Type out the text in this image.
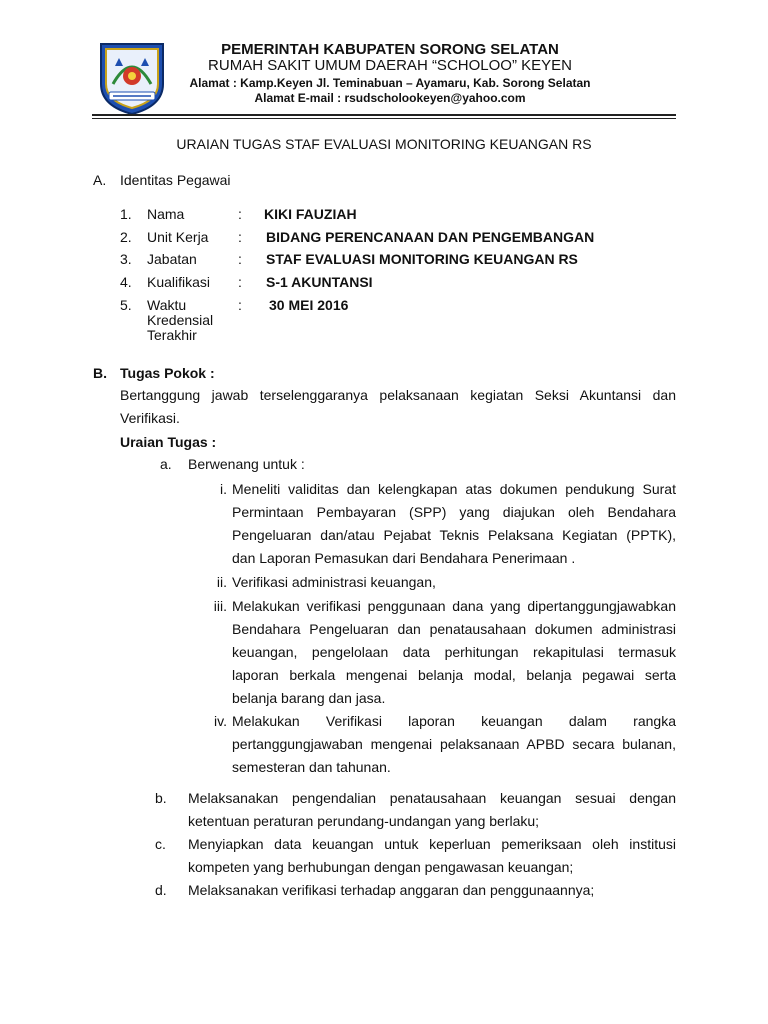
PEMERINTAH KABUPATEN SORONG SELATAN
RUMAH SAKIT UMUM DAERAH “SCHOLOO” KEYEN
Alamat : Kamp.Keyen Jl. Teminabuan – Ayamaru, Kab. Sorong Selatan
Alamat E-mail : rsudscholookeyen@yahoo.com
URAIAN TUGAS STAF EVALUASI MONITORING KEUANGAN RS
A. Identitas Pegawai
1. Nama	: KIKI FAUZIAH
2. Unit Kerja : BIDANG PERENCANAAN DAN PENGEMBANGAN
3. Jabatan	: STAF EVALUASI MONITORING KEUANGAN RS
4. Kualifikasi : S-1 AKUNTANSI
5. Waktu
Kredensial
Terakhir
: 30 MEI 2016
B. Tugas Pokok :
Bertanggung jawab terselenggaranya pelaksanaan kegiatan Seksi Akuntansi dan
Verifikasi.
Uraian Tugas :
a. Berwenang untuk :
i. Meneliti validitas dan kelengkapan atas dokumen pendukung Surat
Permintaan Pembayaran (SPP) yang diajukan oleh Bendahara
Pengeluaran dan/atau Pejabat Teknis Pelaksana Kegiatan (PPTK),
dan Laporan Pemasukan dari Bendahara Penerimaan .
ii. Verifikasi administrasi keuangan,
iii. Melakukan verifikasi penggunaan dana yang dipertanggungjawabkan
Bendahara Pengeluaran dan penatausahaan dokumen administrasi
keuangan, pengelolaan data perhitungan rekapitulasi termasuk
laporan berkala mengenai belanja modal, belanja pegawai serta
belanja barang dan jasa.
iv. Melakukan Verifikasi laporan keuangan dalam rangka
pertanggungjawaban mengenai pelaksanaan APBD secara bulanan,
semesteran dan tahunan.
b. Melaksanakan pengendalian penatausahaan keuangan sesuai dengan
ketentuan peraturan perundang-undangan yang berlaku;
c. Menyiapkan data keuangan untuk keperluan pemeriksaan oleh institusi
kompeten yang berhubungan dengan pengawasan keuangan;
d. Melaksanakan verifikasi terhadap anggaran dan penggunaannya;
